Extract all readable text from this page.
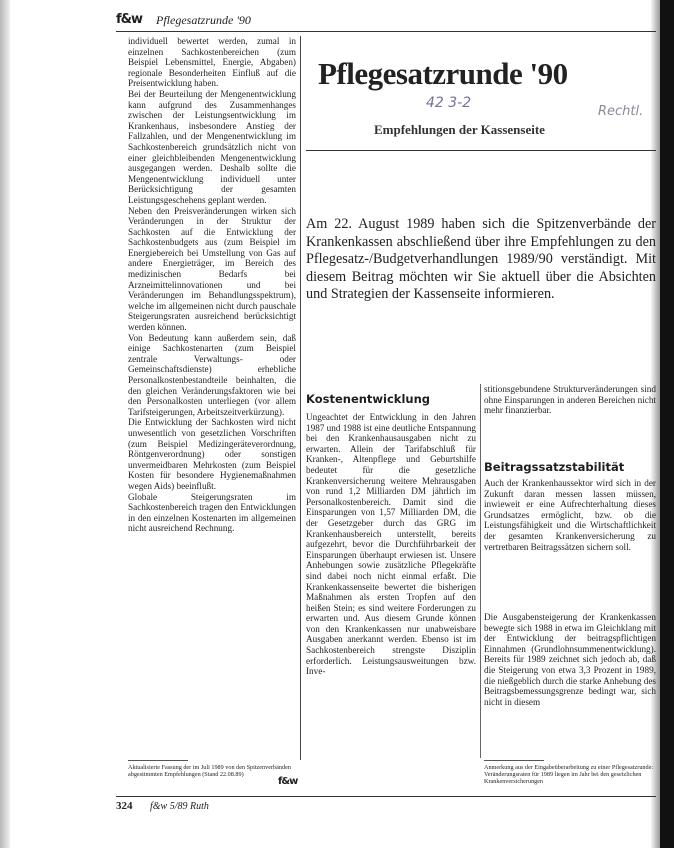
f&w Pflegesatzrunde '90

individuell bewertet werden, zumal in einzelnen Sachkostenbereichen (zum Beispiel Lebensmittel, Energie, Abgaben) regionale Besonderheiten Einfluß auf die Preisentwicklung haben.

Bei der Beurteilung der Mengenentwicklung kann aufgrund des Zusammenhanges zwischen der Leistungsentwicklung im Krankenhaus, insbesondere Anstieg der Fallzahlen, und der Mengenentwicklung im Sachkostenbereich grundsätzlich nicht von einer gleichbleibenden Mengenentwicklung ausgegangen werden. Deshalb sollte die Mengenentwicklung individuell unter Berücksichtigung der gesamten Leistungsgeschehens geplant werden.

Neben den Preisveränderungen wirken sich Veränderungen in der Struktur der Sachkosten auf die Entwicklung der Sachkostenbudgets aus (zum Beispiel im Energiebereich bei Umstellung von Gas auf andere Energieträger, im Bereich des medizinischen Bedarfs bei Arzneimittelinnovationen und bei Veränderungen im Behandlungsspektrum), welche im allgemeinen nicht durch pauschale Steigerungsraten ausreichend berücksichtigt werden können.

Von Bedeutung kann außerdem sein, daß einige Sachkostenarten (zum Beispiel zentrale Verwaltungs- oder Gemeinschaftsdienste) erhebliche Personalkostenbestandteile beinhalten, die den gleichen Veränderungsfaktoren wie bei den Personalkosten unterliegen (vor allem Tarifsteigerungen, Arbeitszeitverkürzung).

Die Entwicklung der Sachkosten wird nicht unwesentlich von gesetzlichen Vorschriften (zum Beispiel Medizingeräteverordnung, Röntgenverordnung) oder sonstigen unvermeidbaren Mehrkosten (zum Beispiel Kosten für besondere Hygienemaßnahmen wegen Aids) beeinflußt.

Globale Steigerungsraten im Sachkostenbereich tragen den Entwicklungen in den einzelnen Kostenarten im allgemeinen nicht ausreichend Rechnung.

Pflegesatzrunde '90
42 3-2
Rechtl.
Empfehlungen der Kassenseite

Am 22. August 1989 haben sich die Spitzenverbände der Krankenkassen abschließend über ihre Empfehlungen zu den Pflegesatz-/Budgetverhandlungen 1989/90 verständigt. Mit diesem Beitrag möchten wir Sie aktuell über die Absichten und Strategien der Kassenseite informieren.

Kostenentwicklung

Ungeachtet der Entwicklung in den Jahren 1987 und 1988 ist eine deutliche Entspannung bei den Krankenhausausgaben nicht zu erwarten. Allein der Tarifabschluß für Kranken-, Altenpflege und Geburtshilfe bedeutet für die gesetzliche Krankenversicherung weitere Mehrausgaben von rund 1,2 Milliarden DM jährlich im Personalkostenbereich. Damit sind die Einsparungen von 1,57 Milliarden DM, die der Gesetzgeber durch das GRG im Krankenhausbereich unterstellt, bereits aufgezehrt, bevor die Durchführbarkeit der Einsparungen überhaupt erwiesen ist. Unsere Anhebungen sowie zusätzliche Pflegekräfte sind dabei noch nicht einmal erfaßt. Die Krankenkassenseite bewertet die bisherigen Maßnahmen als ersten Tropfen auf den heißen Stein; es sind weitere Forderungen zu erwarten und. Aus diesem Grunde können von den Krankenkassen nur unabweisbare Ausgaben anerkannt werden. Ebenso ist im Sachkostenbereich strengste Disziplin erforderlich. Leistungsausweitungen bzw. Inve-

stitionsgebundene Strukturveränderungen sind ohne Einsparungen in anderen Bereichen nicht mehr finanzierbar.

Beitragssatzstabilität

Auch der Krankenhaussektor wird sich in der Zukunft daran messen lassen müssen, inwieweit er eine Aufrechterhaltung dieses Grundsatzes ermöglicht, bzw. ob die Leistungsfähigkeit und die Wirtschaftlichkeit der gesamten Krankenversicherung zu vertretbaren Beitragssätzen sichern soll.

Die Ausgabensteigerung der Krankenkassen bewegte sich 1988 in etwa im Gleichklang mit der Entwicklung der beitragspflichtigen Einnahmen (Grundlohnsummenentwicklung). Bereits für 1989 zeichnet sich jedoch ab, daß die Steigerung von etwa 3,3 Prozent in 1989, die nießgeblich durch die starke Anhebung des Beitragsbemessungsgrenze bedingt war, sich nicht in diesem

Aktualisierte Fassung der im Juli 1989 von den Spitzenverbänden abgestimmten Empfehlungen (Stand 22.08.89)

f&w

Anmerkung aus der Eingabeüberarbeitung zu einer Pflegesatzrunde: Veränderungsraten für 1989 liegen im Jahr bei den gesetzlichen Krankenversicherungen

324 f&w 5/89 Ruth
